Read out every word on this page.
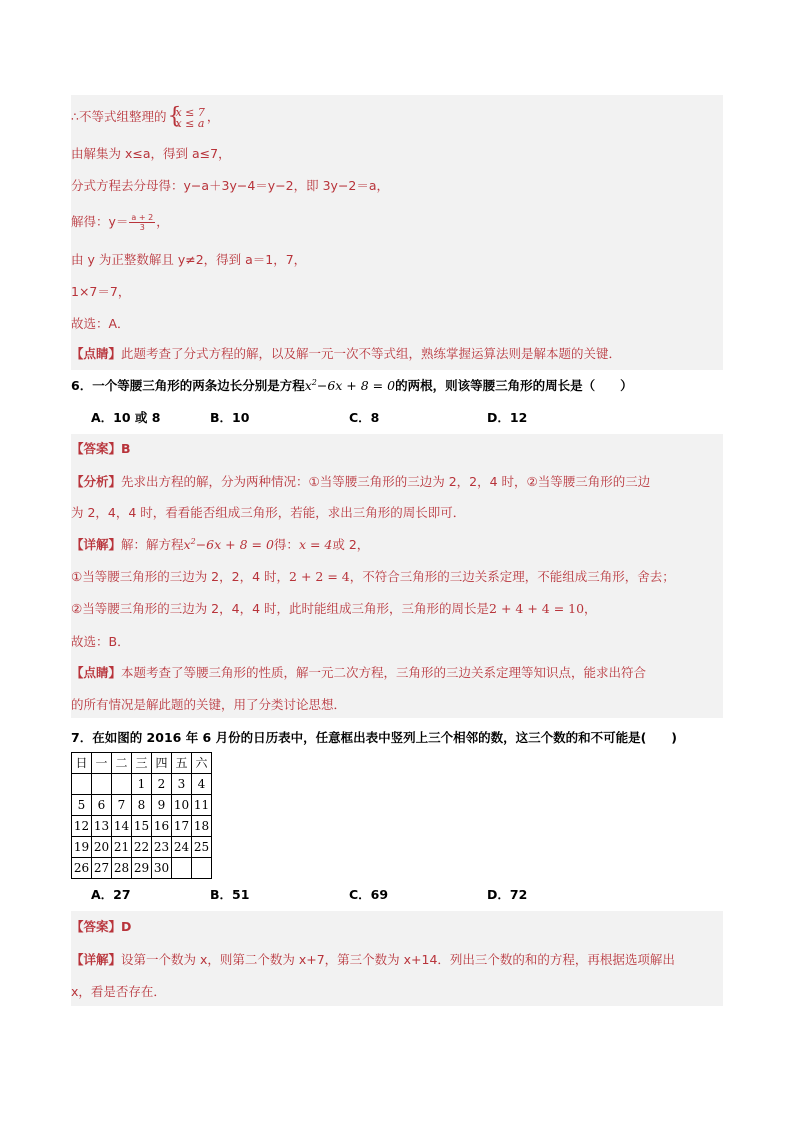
∴不等式组整理的 {
x ≤ 7
x ≤ a ，
由解集为 x≤a，得到 a≤7，
分式方程去分母得：y−a＋3y−4＝y−2，即 3y−2＝a，
解得：$y= \frac{a + 2}{3}$ ，
由 y 为正整数解且 y≠2，得到 a＝1，7，
1×7＝7，
故选：A．
【点睛】此题考查了分式方程的解，以及解一元一次不等式组，熟练掌握运算法则是解本题的关键．
6．一个等腰三角形的两条边长分别是方程$x^2-6x + 8 = 0$的两根，则该等腰三角形的周长是（　　）
A．10 或 8	B．10	C．8	D．12
【答案】B
【分析】先求出方程的解，分为两种情况：①当等腰三角形的三边为 2，2，4 时，②当等腰三角形的三边
为 2，4，4 时，看看能否组成三角形，若能，求出三角形的周长即可．
【详解】解：解方程$x^2-6x + 8 = 0$得：x = 4或 2，
①当等腰三角形的三边为 2，2，4 时，2 + 2 = 4，不符合三角形的三边关系定理，不能组成三角形，舍去；
②当等腰三角形的三边为 2，4，4 时，此时能组成三角形，三角形的周长是2 + 4 + 4 = 10，
故选：B．
【点睛】本题考查了等腰三角形的性质，解一元二次方程，三角形的三边关系定理等知识点，能求出符合
的所有情况是解此题的关键，用了分类讨论思想．
7．在如图的 2016 年 6 月份的日历表中，任意框出表中竖列上三个相邻的数，这三个数的和不可能是(　　)
日	一	二	三	四	五	六
			1	2	3	4
5	6	7	8	9	10	11
12	13	14	15	16	17	18
19	20	21	22	23	24	25
26	27	28	29	30		
A．27	B．51	C．69	D．72
【答案】D
【详解】设第一个数为 x，则第二个数为 x+7，第三个数为 x+14．列出三个数的和的方程，再根据选项解出
x，看是否存在．
